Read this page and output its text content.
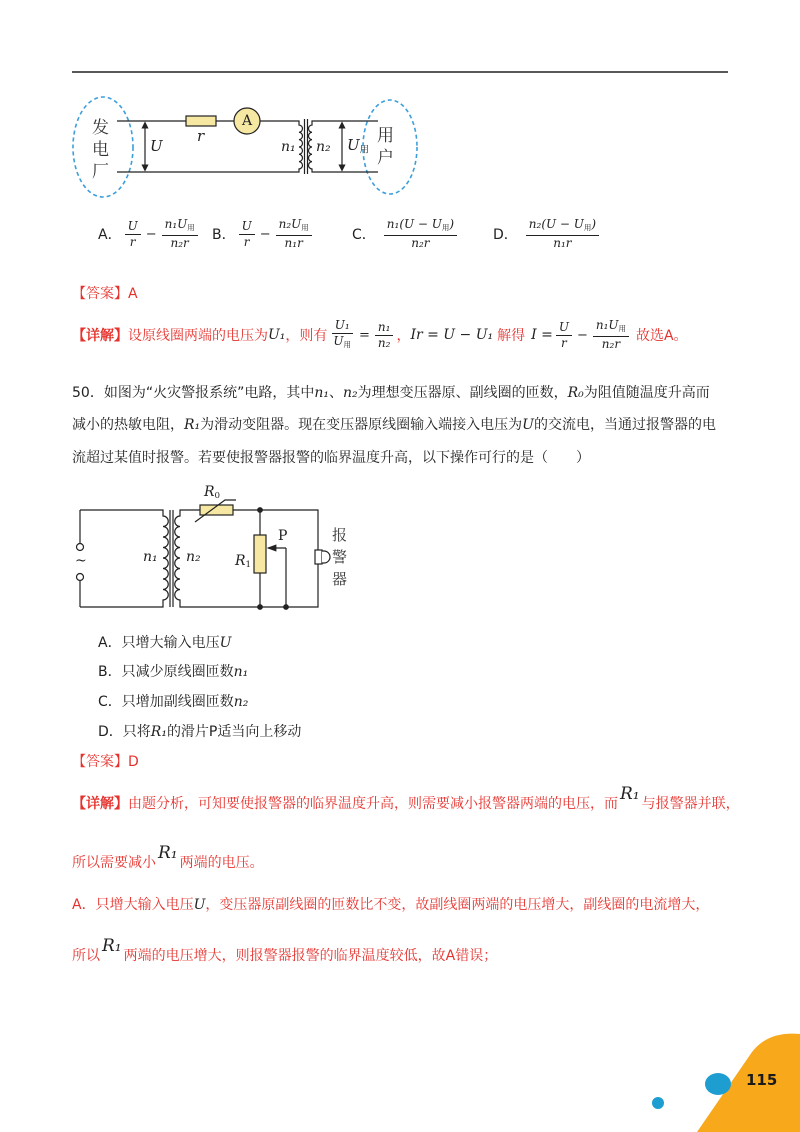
发电厂	用户
U
r
A
n₁ n₂ $U_用$
A． $\frac{U}{r} - \frac{n_1U_用}{\text{n₂r}}$ B． $\frac{U}{r} - \frac{n_2U_用}{\text{n₁r}}$	C． $\frac{n_1(U - U_用)}{\text{n₂r}}$	D． $\frac{n_2(U - U_用)}{\text{n₁r}}$
【答案】A
【详解】 设原线圈两端的电压为 U₁ ，则有 $\frac{\text{U₁}}{U_用} = \frac{\text{n₁}}{\text{n₂}}$ ， Ir = U − U₁ 解得 $I = \frac{U}{r} - \frac{n_1U_用}{\text{n₂r}}$ 故选A。
50．如图为“火灾警报系统”电路，其中n₁、n₂为理想变压器原、副线圈的匝数，R₀为阻值随温度升高而
减小的热敏电阻，R₁为滑动变阻器。现在变压器原线圈输入端接入电压为U的交流电，当通过报警器的电
流超过某值时报警。若要使报警器报警的临界温度升高，以下操作可行的是（　　）
$R_0$
~	n₁ n₂
P
$R_1$	报警器
A．只增大输入电压U
B．只减少原线圈匝数n₁
C．只增加副线圈匝数n₂
D．只将R₁的滑片P适当向上移动
【答案】D
【详解】由题分析，可知要使报警器的临界温度升高，则需要减小报警器两端的电压，而 R₁ 与报警器并联，
所以需要减小 R₁ 两端的电压。
A．只增大输入电压U，变压器原副线圈的匝数比不变，故副线圈两端的电压增大，副线圈的电流增大，
所以 R₁ 两端的电压增大，则报警器报警的临界温度较低，故A错误；
115
